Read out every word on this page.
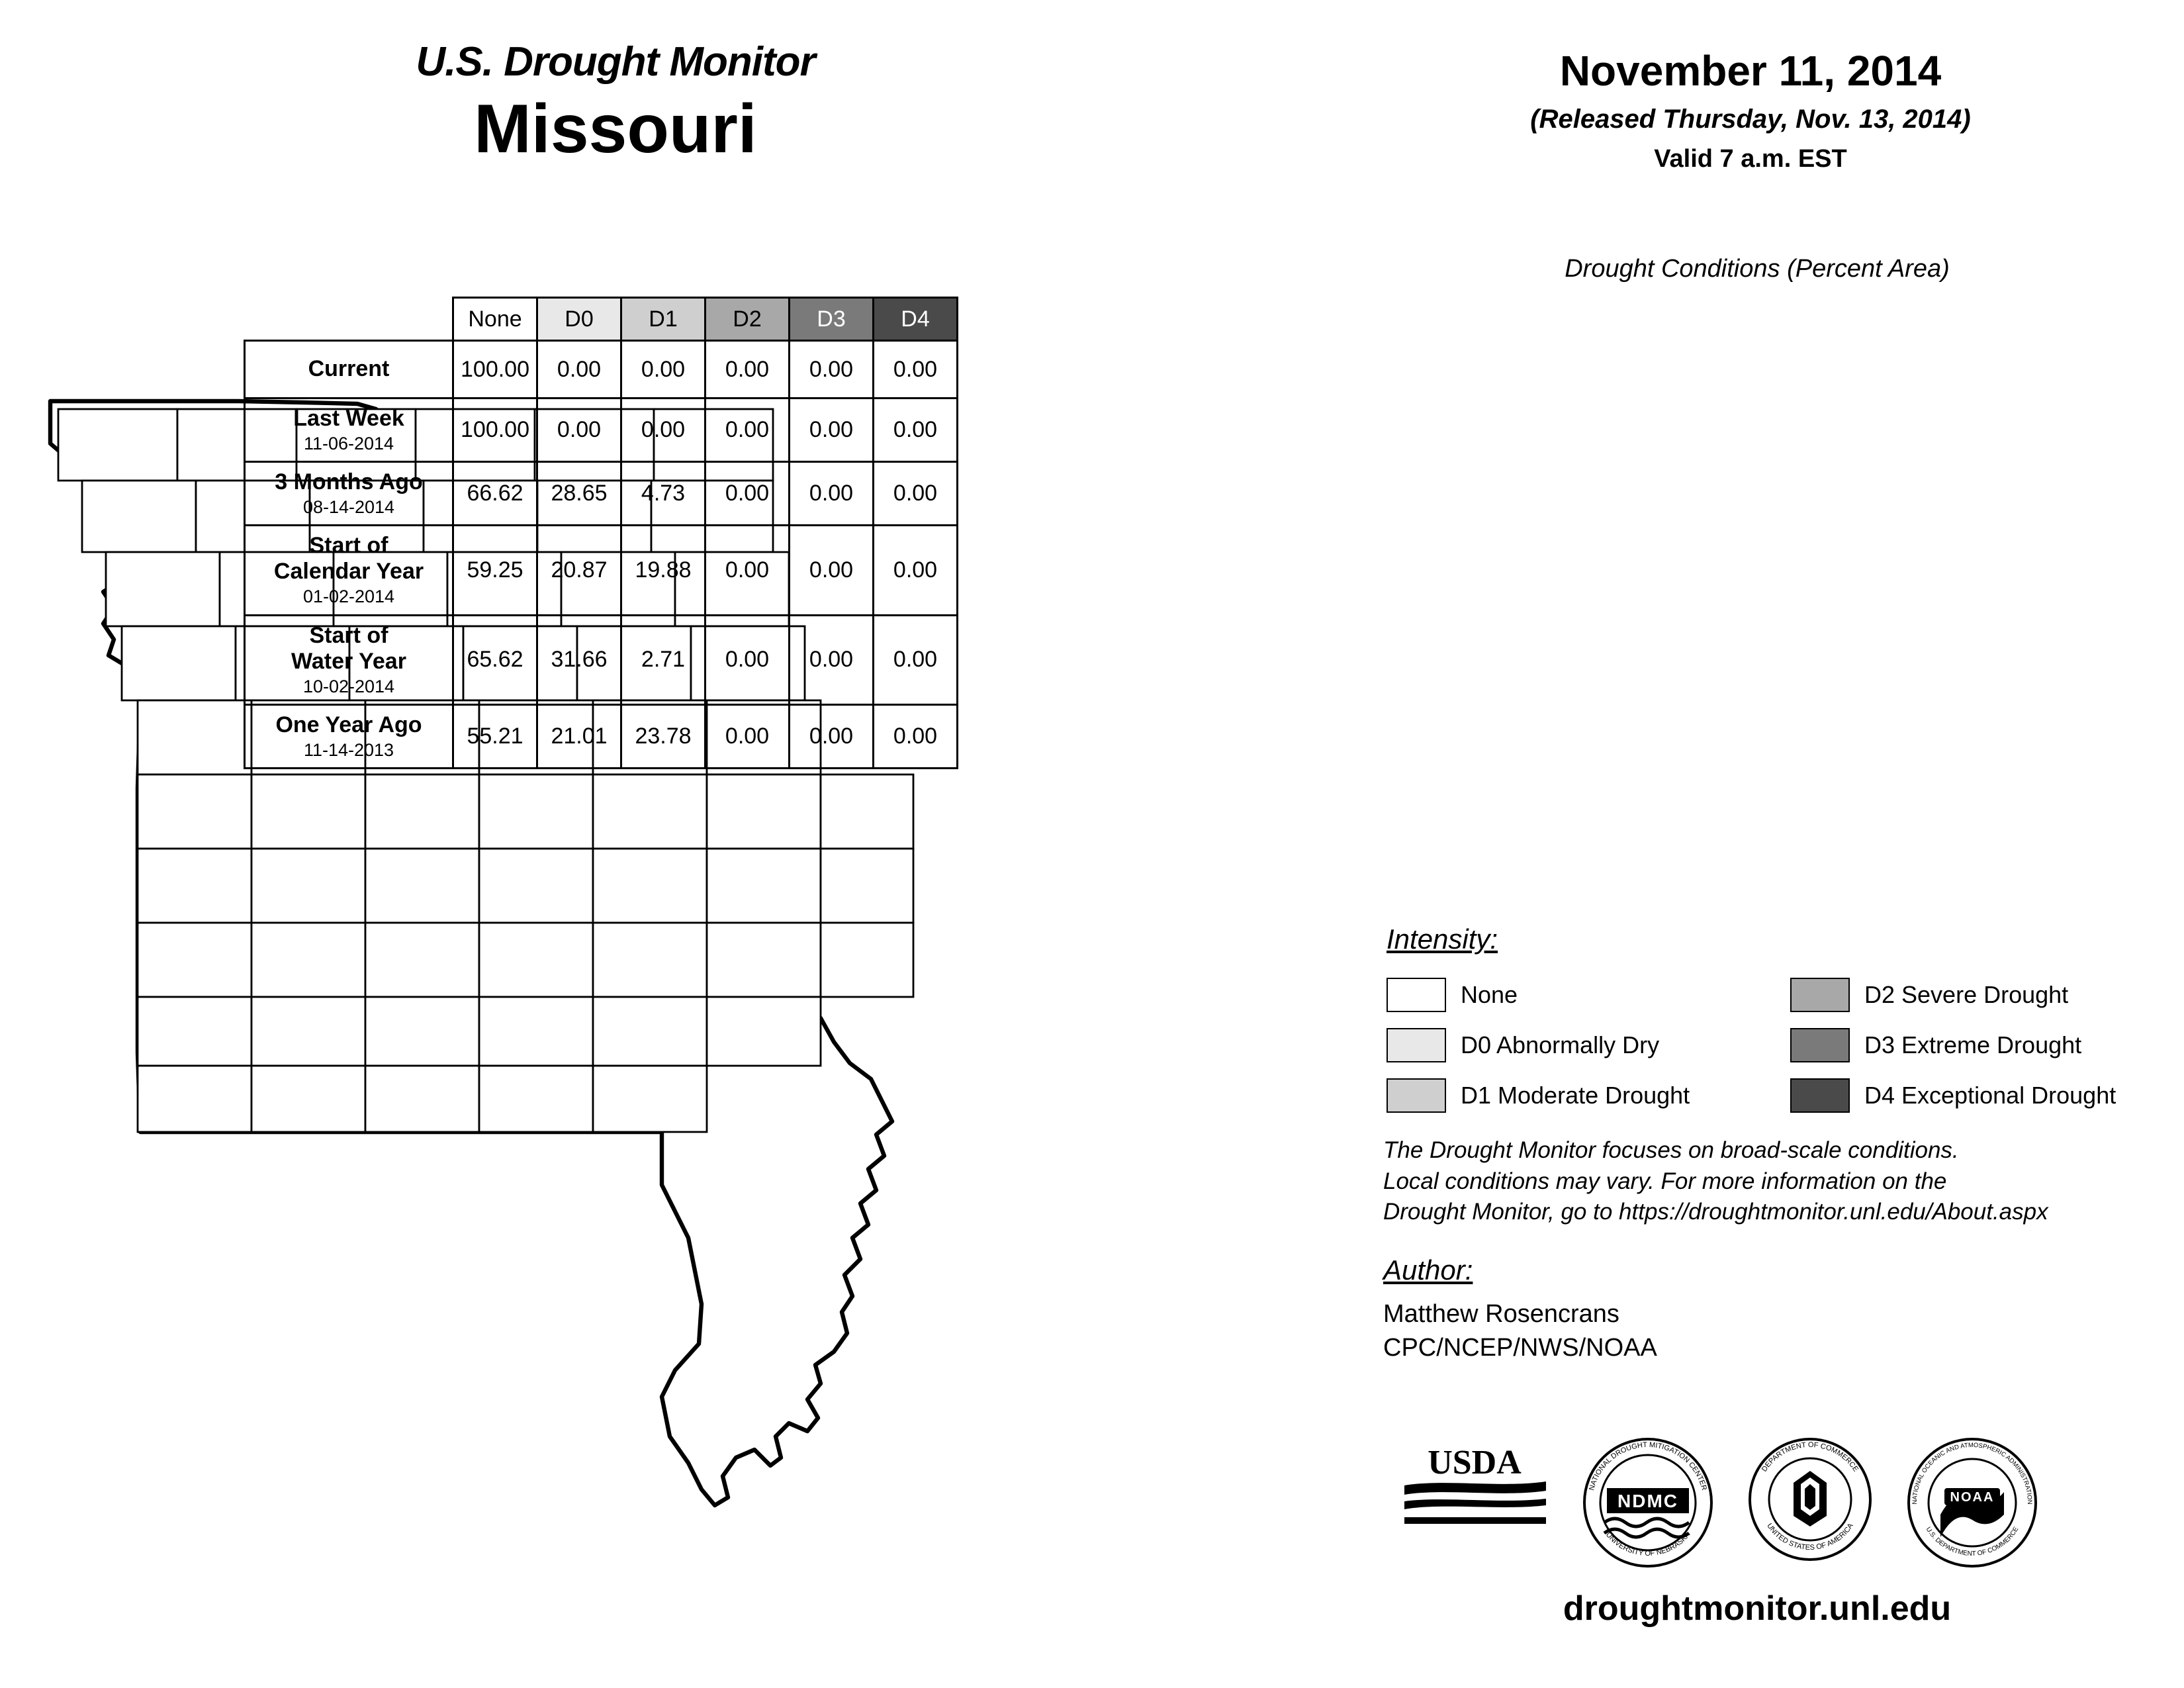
U.S. Drought Monitor
Missouri
November 11, 2014
(Released Thursday, Nov. 13, 2014)
Valid 7 a.m. EST
Drought Conditions (Percent Area)
	None	D0	D1	D2	D3	D4

Current	100.00	0.00	0.00	0.00	0.00	0.00

Last Week
11-06-2014	100.00	0.00	0.00	0.00	0.00	0.00

3 Months Ago
08-14-2014	66.62	28.65	4.73	0.00	0.00	0.00

Start of
Calendar Year
01-02-2014	59.25	20.87	19.88	0.00	0.00	0.00

Start of
Water Year
10-02-2014	65.62	31.66	2.71	0.00	0.00	0.00

One Year Ago
11-14-2013	55.21	21.01	23.78	0.00	0.00	0.00
Intensity:
None
D0 Abnormally Dry
D1 Moderate Drought
D2 Severe Drought
D3 Extreme Drought
D4 Exceptional Drought
The Drought Monitor focuses on broad-scale conditions.
Local conditions may vary. For more information on the
Drought Monitor, go to https://droughtmonitor.unl.edu/About.aspx
Author:
Matthew Rosencrans
CPC/NCEP/NWS/NOAA
USDA
NDMC
NATIONAL DROUGHT MITIGATION CENTER
UNIVERSITY OF NEBRASKA
DEPARTMENT OF COMMERCE
UNITED STATES OF AMERICA
NOAA
NATIONAL OCEANIC AND ATMOSPHERIC ADMINISTRATION
U.S. DEPARTMENT OF COMMERCE
droughtmonitor.unl.edu
